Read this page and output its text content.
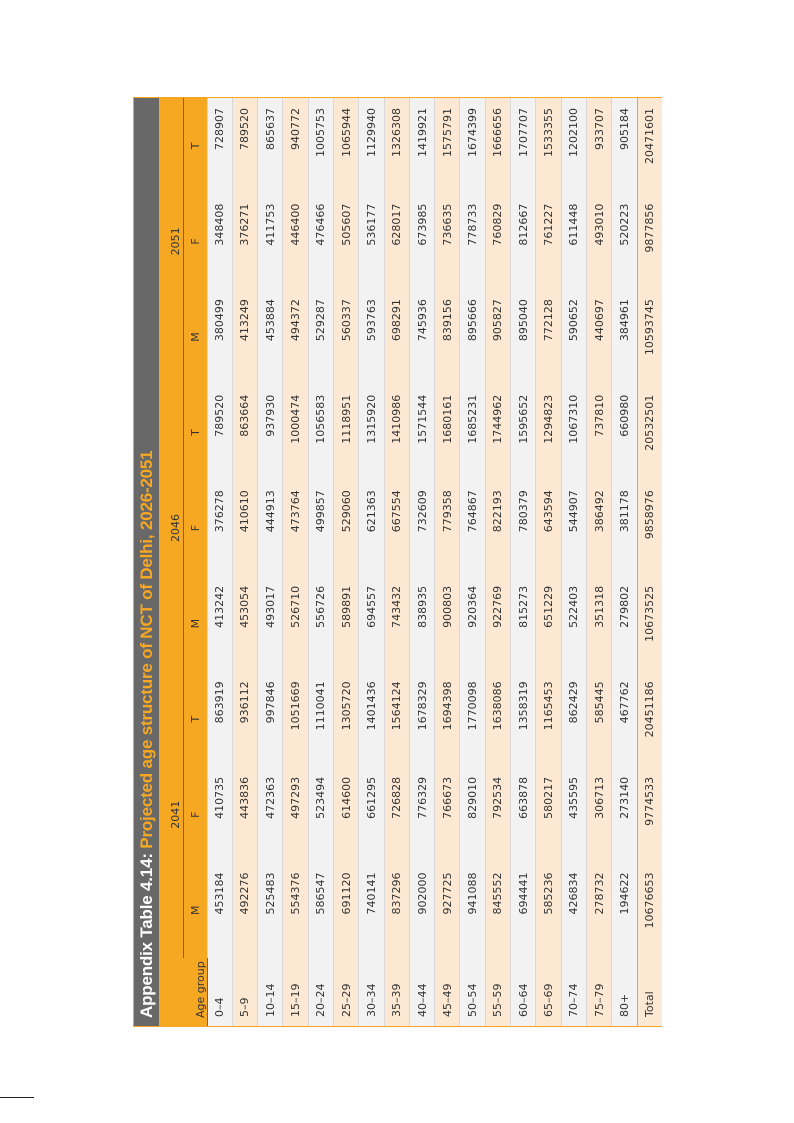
Appendix Table 4.14: Projected age structure of NCT of Delhi, 2026-2051
	2041			2046			2051		
Age group	M	F	T	M	F	T	M	F	T
0–4	453184	410735	863919	413242	376278	789520	380499	348408	728907
5–9	492276	443836	936112	453054	410610	863664	413249	376271	789520
10–14	525483	472363	997846	493017	444913	937930	453884	411753	865637
15–19	554376	497293	1051669	526710	473764	1000474	494372	446400	940772
20–24	586547	523494	1110041	556726	499857	1056583	529287	476466	1005753
25–29	691120	614600	1305720	589891	529060	1118951	560337	505607	1065944
30–34	740141	661295	1401436	694557	621363	1315920	593763	536177	1129940
35–39	837296	726828	1564124	743432	667554	1410986	698291	628017	1326308
40–44	902000	776329	1678329	838935	732609	1571544	745936	673985	1419921
45–49	927725	766673	1694398	900803	779358	1680161	839156	736635	1575791
50–54	941088	829010	1770098	920364	764867	1685231	895666	778733	1674399
55–59	845552	792534	1638086	922769	822193	1744962	905827	760829	1666656
60–64	694441	663878	1358319	815273	780379	1595652	895040	812667	1707707
65–69	585236	580217	1165453	651229	643594	1294823	772128	761227	1533355
70–74	426834	435595	862429	522403	544907	1067310	590652	611448	1202100
75–79	278732	306713	585445	351318	386492	737810	440697	493010	933707
80+	194622	273140	467762	279802	381178	660980	384961	520223	905184
Total	10676653	9774533	20451186	10673525	9858976	20532501	10593745	9877856	20471601
